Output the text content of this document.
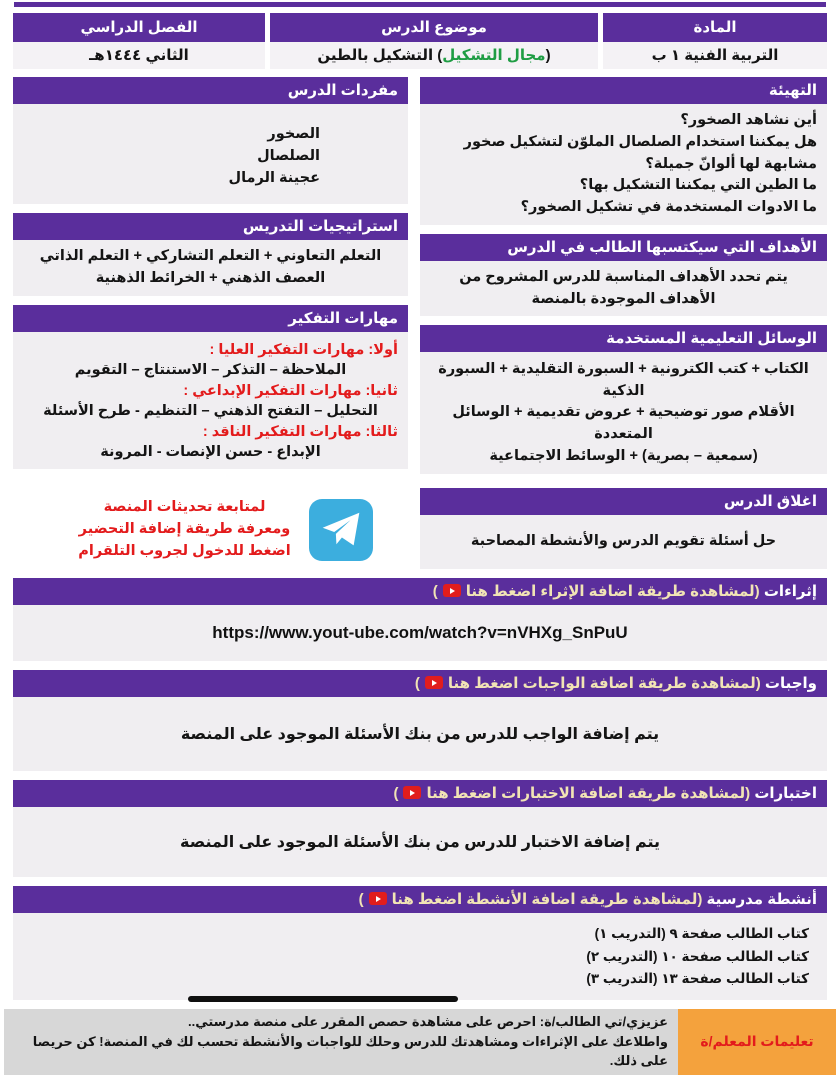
المادة
موضوع الدرس
الفصل الدراسي
التربية الفنية ١ ب
(مجال التشكيل) التشكيل بالطين
الثاني ١٤٤٤هـ
التهيئة
أين نشاهد الصخور؟
هل يمكننا استخدام الصلصال الملوّن لتشكيل صخور مشابهة لها ألوانّ جميلة؟
ما الطين التي يمكننا التشكيل بها؟
ما الادوات المستخدمة في تشكيل الصخور؟
الأهداف التي سيكتسبها الطالب في الدرس
يتم تحدد الأهداف المناسبة للدرس المشروح من الأهداف الموجودة بالمنصة
الوسائل التعليمية المستخدمة
الكتاب + كتب الكترونية + السبورة التقليدية + السبورة الذكية
الأقلام صور توضيحية + عروض تقديمية + الوسائل المتعددة
(سمعية – بصرية) + الوسائط الاجتماعية
اغلاق الدرس
حل أسئلة تقويم الدرس والأنشطة المصاحبة
مفردات الدرس
الصخور
الصلصال
عجينة الرمال
استراتيجيات التدريس
التعلم التعاوني + التعلم التشاركي + التعلم الذاتي
العصف الذهني + الخرائط الذهنية
مهارات التفكير
أولا: مهارات التفكير العليا :
الملاحظة – التذكر – الاستنتاج – التقويم
ثانيا: مهارات التفكير الإبداعي :
التحليل – التفتح الذهني – التنظيم - طرح الأسئلة
ثالثا: مهارات التفكير الناقد :
الإبداع - حسن الإنصات - المرونة
لمتابعة تحديثات المنصة
ومعرفة طريقة إضافة التحضير
اضغط للدخول لجروب التلقرام
إثراءات (لمشاهدة طريقة اضافة الإثراء اضغط هنا)
https://www.yout-ube.com/watch?v=nVHXg_SnPuU
واجبات (لمشاهدة طريقة اضافة الواجبات اضغط هنا)
يتم إضافة الواجب للدرس من بنك الأسئلة الموجود على المنصة
اختبارات (لمشاهدة طريقة اضافة الاختبارات اضغط هنا)
يتم إضافة الاختبار للدرس من بنك الأسئلة الموجود على المنصة
أنشطة مدرسية (لمشاهدة طريقة اضافة الأنشطة اضغط هنا)
كتاب الطالب صفحة ٩ (التدريب ١)
كتاب الطالب صفحة ١٠ (التدريب ٢)
كتاب الطالب صفحة ١٣ (التدريب ٣)
تعليمات المعلم/ة
عزيزي/تي الطالب/ة: احرص على مشاهدة حصص المقرر على منصة مدرستي..
واطلاعك على الإثراءات ومشاهدتك للدرس وحلك للواجبات والأنشطة تحسب لك في المنصة! كن حريصا على ذلك.
